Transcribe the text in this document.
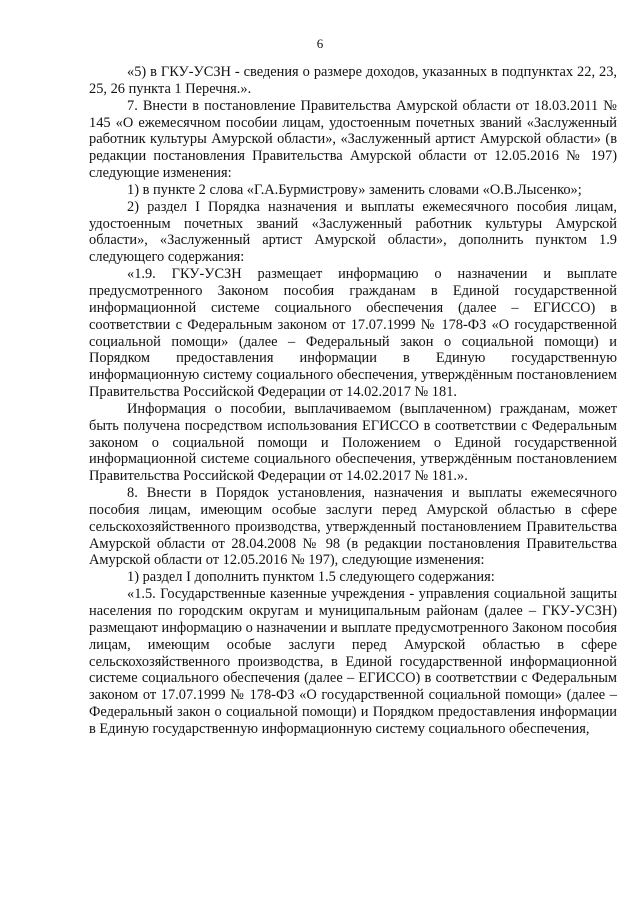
6

«5) в ГКУ-УСЗН - сведения о размере доходов, указанных в подпунктах 22, 23, 25, 26 пункта 1 Перечня.».

7. Внести в постановление Правительства Амурской области от 18.03.2011 № 145 «О ежемесячном пособии лицам, удостоенным почетных званий «Заслуженный работник культуры Амурской области», «Заслуженный артист Амурской области» (в редакции постановления Правительства Амурской области от 12.05.2016 № 197) следующие изменения:

1) в пункте 2 слова «Г.А.Бурмистрову» заменить словами «О.В.Лысенко»;

2) раздел I Порядка назначения и выплаты ежемесячного пособия лицам, удостоенным почетных званий «Заслуженный работник культуры Амурской области», «Заслуженный артист Амурской области», дополнить пунктом 1.9 следующего содержания:

«1.9. ГКУ-УСЗН размещает информацию о назначении и выплате предусмотренного Законом пособия гражданам в Единой государственной информационной системе социального обеспечения (далее – ЕГИССО) в соответствии с Федеральным законом от 17.07.1999 № 178-ФЗ «О государственной социальной помощи» (далее – Федеральный закон о социальной помощи) и Порядком предоставления информации в Единую государственную информационную систему социального обеспечения, утверждённым постановлением Правительства Российской Федерации от 14.02.2017 № 181.

Информация о пособии, выплачиваемом (выплаченном) гражданам, может быть получена посредством использования ЕГИССО в соответствии с Федеральным законом о социальной помощи и Положением о Единой государственной информационной системе социального обеспечения, утверждённым постановлением Правительства Российской Федерации от 14.02.2017 № 181.».

8. Внести в Порядок установления, назначения и выплаты ежемесячного пособия лицам, имеющим особые заслуги перед Амурской областью в сфере сельскохозяйственного производства, утвержденный постановлением Правительства Амурской области от 28.04.2008 № 98 (в редакции постановления Правительства Амурской области от 12.05.2016 № 197), следующие изменения:

1) раздел I дополнить пунктом 1.5 следующего содержания:

«1.5. Государственные казенные учреждения - управления социальной защиты населения по городским округам и муниципальным районам (далее – ГКУ-УСЗН) размещают информацию о назначении и выплате предусмотренного Законом пособия лицам, имеющим особые заслуги перед Амурской областью в сфере сельскохозяйственного производства, в Единой государственной информационной системе социального обеспечения (далее – ЕГИССО) в соответствии с Федеральным законом от 17.07.1999 № 178-ФЗ «О государственной социальной помощи» (далее – Федеральный закон о социальной помощи) и Порядком предоставления информации в Единую государственную информационную систему социального обеспечения,
